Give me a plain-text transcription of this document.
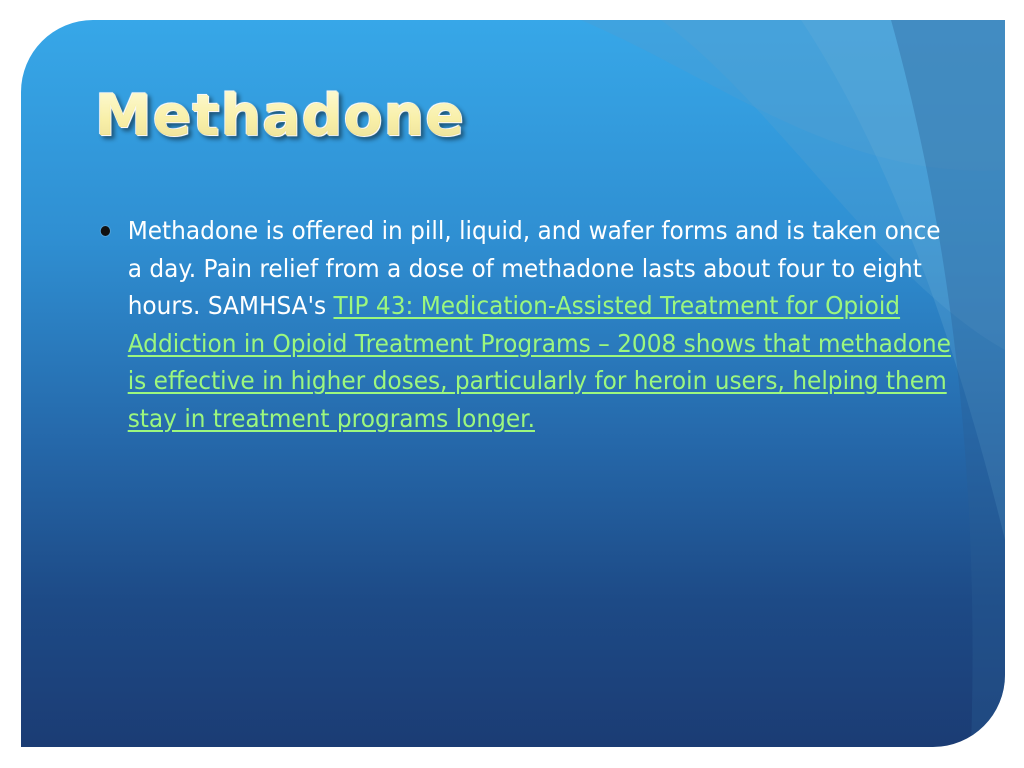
Methadone
Methadone is offered in pill, liquid, and wafer forms and is taken once a day. Pain relief from a dose of methadone lasts about four to eight hours. SAMHSA's TIP 43: Medication-Assisted Treatment for Opioid Addiction in Opioid Treatment Programs – 2008 shows that methadone is effective in higher doses, particularly for heroin users, helping them stay in treatment programs longer.
